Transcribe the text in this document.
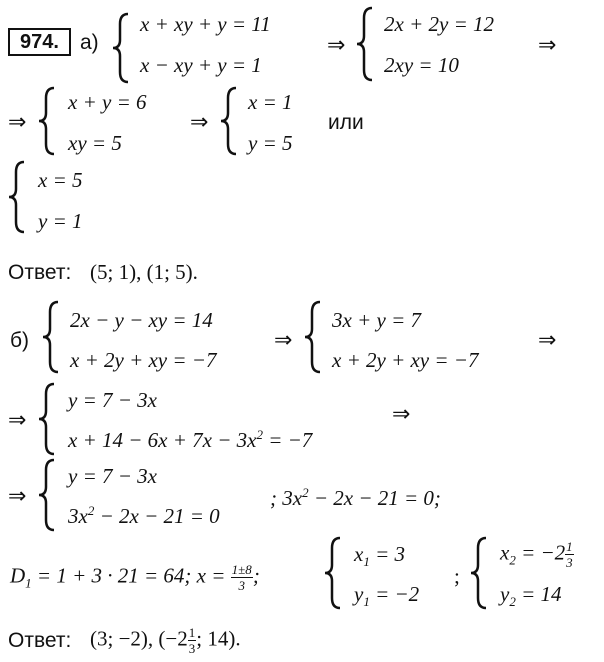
974.	а)
x + xy + y = 11
x − xy + y = 1
⇒
2x + 2y = 12
2xy = 10
⇒
⇒
x + y = 6
xy = 5
⇒
x = 1
y = 5
или
x = 5
y = 1
Ответ: (5; 1), (1; 5).
б)
2x − y − xy = 14
x + 2y + xy = −7
⇒
3x + y = 7
x + 2y + xy = −7
⇒
⇒
y = 7 − 3x
$x + 14 - 6x + 7x - 3x^2 = -7$
⇒
⇒
y = 7 − 3x
$3x^2 - 2x - 21 = 0$
; $3x^2 - 2x - 21 = 0$;
$D_1 = 1 + 3 \cdot 21 = 64$; $x = \frac{1\pm 8}{3}$ ;
$x_1 = 3$
$y_1 = -2$
;
$x_2 = -2 \frac{1}{3}$
$y_2 = 14$
Ответ: (3; −2), ($-2 \frac{1}{3}$ ; 14).
